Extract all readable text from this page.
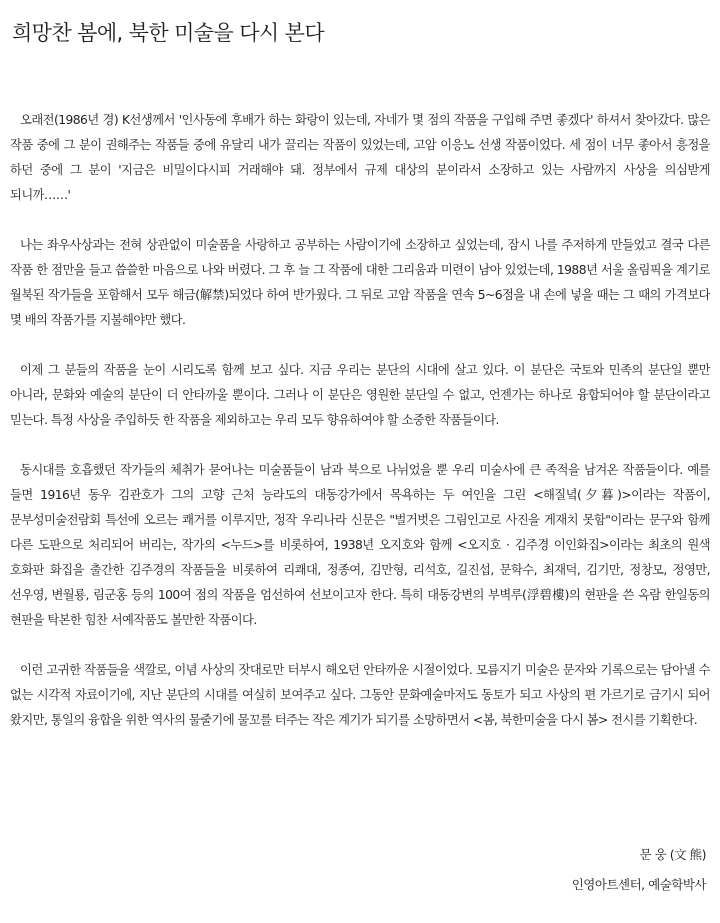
희망찬 봄에, 북한 미술을 다시 본다

오래전(1986년 경) K선생께서 '인사동에 후배가 하는 화랑이 있는데, 자네가 몇 점의 작품을 구입해 주면 좋겠다' 하셔서 찾아갔다. 많은 작품 중에 그 분이 권해주는 작품들 중에 유달리 내가 끌리는 작품이 있었는데, 고암 이응노 선생 작품이었다. 세 점이 너무 좋아서 흥정을 하던 중에 그 분이 '지금은 비밀이다시피 거래해야 돼. 정부에서 규제 대상의 분이라서 소장하고 있는 사람까지 사상을 의심받게 되니까……'

나는 좌우사상과는 전혀 상관없이 미술품을 사랑하고 공부하는 사람이기에 소장하고 싶었는데, 잠시 나를 주저하게 만들었고 결국 다른 작품 한 점만을 들고 씁쓸한 마음으로 나와 버렸다. 그 후 늘 그 작품에 대한 그리움과 미련이 남아 있었는데, 1988년 서울 올림픽을 계기로 월북된 작가들을 포함해서 모두 해금(解禁)되었다 하여 반가웠다. 그 뒤로 고암 작품을 연속 5~6점을 내 손에 넣을 때는 그 때의 가격보다 몇 배의 작품가를 지불해야만 했다.

이제 그 분들의 작품을 눈이 시리도록 함께 보고 싶다. 지금 우리는 분단의 시대에 살고 있다. 이 분단은 국토와 민족의 분단일 뿐만 아니라, 문화와 예술의 분단이 더 안타까울 뿐이다. 그러나 이 분단은 영원한 분단일 수 없고, 언젠가는 하나로 융합되어야 할 분단이라고 믿는다. 특정 사상을 주입하듯 한 작품을 제외하고는 우리 모두 향유하여야 할 소중한 작품들이다.

동시대를 호흡했던 작가들의 체취가 묻어나는 미술품들이 남과 북으로 나뉘었을 뿐 우리 미술사에 큰 족적을 남겨온 작품들이다. 예를 들면 1916년 동우 김관호가 그의 고향 근처 능라도의 대동강가에서 목욕하는 두 여인을 그린 <해질녘(夕暮)>이라는 작품이, 문부성미술전람회 특선에 오르는 쾌거를 이루지만, 정작 우리나라 신문은 "벌거벗은 그림인고로 사진을 게재치 못함"이라는 문구와 함께 다른 도판으로 처리되어 버리는, 작가의 <누드>를 비롯하여, 1938년 오지호와 함께 <오지호 · 김주경 이인화집>이라는 최초의 원색 호화판 화집을 출간한 김주경의 작품들을 비롯하여 리쾌대, 정종여, 김만형, 리석호, 길진섭, 문학수, 최재덕, 김기만, 정창모, 정영만, 선우영, 변월룡, 림군홍 등의 100여 점의 작품을 엄선하여 선보이고자 한다. 특히 대동강변의 부벽루(浮碧樓)의 현판을 쓴 옥람 한일동의 현판을 탁본한 힘찬 서예작품도 볼만한 작품이다.

이런 고귀한 작품들을 색깔로, 이념 사상의 잣대로만 터부시 해오던 안타까운 시절이었다. 모름지기 미술은 문자와 기록으로는 담아낼 수 없는 시각적 자료이기에, 지난 분단의 시대를 여실히 보여주고 싶다. 그동안 문화예술마저도 동토가 되고 사상의 편 가르기로 금기시 되어 왔지만, 통일의 융합을 위한 역사의 물줄기에 물꼬를 터주는 작은 계기가 되기를 소망하면서 <봄, 북한미술을 다시 봄> 전시를 기획한다.

문 웅 (文 熊)
인영아트센터, 예술학박사
